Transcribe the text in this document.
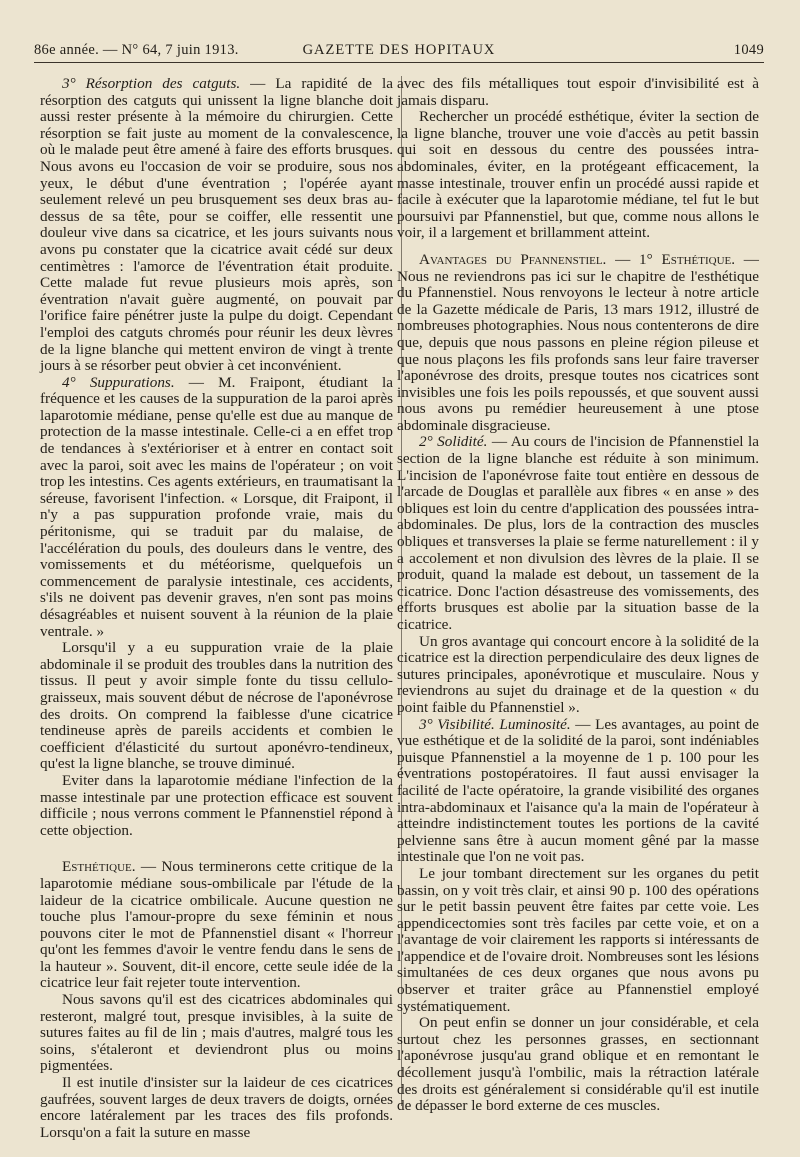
86e année. — N° 64, 7 juin 1913.	GAZETTE DES HOPITAUX	1049

3° Résorption des catguts. — La rapidité de la résorption des catguts qui unissent la ligne blanche doit aussi rester présente à la mémoire du chirurgien. Cette résorption se fait juste au moment de la convalescence, où le malade peut être amené à faire des efforts brusques. Nous avons eu l'occasion de voir se produire, sous nos yeux, le début d'une éventration ; l'opérée ayant seulement relevé un peu brusquement ses deux bras au-dessus de sa tête, pour se coiffer, elle ressentit une douleur vive dans sa cicatrice, et les jours suivants nous avons pu constater que la cicatrice avait cédé sur deux centimètres : l'amorce de l'éventration était produite. Cette malade fut revue plusieurs mois après, son éventration n'avait guère augmenté, on pouvait par l'orifice faire pénétrer juste la pulpe du doigt. Cependant l'emploi des catguts chromés pour réunir les deux lèvres de la ligne blanche qui mettent environ de vingt à trente jours à se résorber peut obvier à cet inconvénient.

4° Suppurations. — M. Fraipont, étudiant la fréquence et les causes de la suppuration de la paroi après laparotomie médiane, pense qu'elle est due au manque de protection de la masse intestinale. Celle-ci a en effet trop de tendances à s'extérioriser et à entrer en contact soit avec la paroi, soit avec les mains de l'opérateur ; on voit trop les intestins. Ces agents extérieurs, en traumatisant la séreuse, favorisent l'infection. « Lorsque, dit Fraipont, il n'y a pas suppuration profonde vraie, mais du péritonisme, qui se traduit par du malaise, de l'accélération du pouls, des douleurs dans le ventre, des vomissements et du météorisme, quelquefois un commencement de paralysie intestinale, ces accidents, s'ils ne doivent pas devenir graves, n'en sont pas moins désagréables et nuisent souvent à la réunion de la plaie ventrale. »

Lorsqu'il y a eu suppuration vraie de la plaie abdominale il se produit des troubles dans la nutrition des tissus. Il peut y avoir simple fonte du tissu cellulo-graisseux, mais souvent début de nécrose de l'aponévrose des droits. On comprend la faiblesse d'une cicatrice tendineuse après de pareils accidents et combien le coefficient d'élasticité du surtout aponévro-tendineux, qu'est la ligne blanche, se trouve diminué.

Eviter dans la laparotomie médiane l'infection de la masse intestinale par une protection efficace est souvent difficile ; nous verrons comment le Pfannenstiel répond à cette objection.

Esthétique. — Nous terminerons cette critique de la laparotomie médiane sous-ombilicale par l'étude de la laideur de la cicatrice ombilicale. Aucune question ne touche plus l'amour-propre du sexe féminin et nous pouvons citer le mot de Pfannenstiel disant « l'horreur qu'ont les femmes d'avoir le ventre fendu dans le sens de la hauteur ». Souvent, dit-il encore, cette seule idée de la cicatrice leur fait rejeter toute intervention.

Nous savons qu'il est des cicatrices abdominales qui resteront, malgré tout, presque invisibles, à la suite de sutures faites au fil de lin ; mais d'autres, malgré tous les soins, s'étaleront et deviendront plus ou moins pigmentées.

Il est inutile d'insister sur la laideur de ces cicatrices gaufrées, souvent larges de deux travers de doigts, ornées encore latéralement par les traces des fils profonds. Lorsqu'on a fait la suture en masse

avec des fils métalliques tout espoir d'invisibilité est à jamais disparu.

Rechercher un procédé esthétique, éviter la section de la ligne blanche, trouver une voie d'accès au petit bassin qui soit en dessous du centre des poussées intra-abdominales, éviter, en la protégeant efficacement, la masse intestinale, trouver enfin un procédé aussi rapide et facile à exécuter que la laparotomie médiane, tel fut le but poursuivi par Pfannenstiel, but que, comme nous allons le voir, il a largement et brillamment atteint.

Avantages du Pfannenstiel. — 1° Esthétique. — Nous ne reviendrons pas ici sur le chapitre de l'esthétique du Pfannenstiel. Nous renvoyons le lecteur à notre article de la Gazette médicale de Paris, 13 mars 1912, illustré de nombreuses photographies. Nous nous contenterons de dire que, depuis que nous passons en pleine région pileuse et que nous plaçons les fils profonds sans leur faire traverser l'aponévrose des droits, presque toutes nos cicatrices sont invisibles une fois les poils repoussés, et que souvent aussi nous avons pu remédier heureusement à une ptose abdominale disgracieuse.

2° Solidité. — Au cours de l'incision de Pfannenstiel la section de la ligne blanche est réduite à son minimum. L'incision de l'aponévrose faite tout entière en dessous de l'arcade de Douglas et parallèle aux fibres « en anse » des obliques est loin du centre d'application des poussées intra-abdominales. De plus, lors de la contraction des muscles obliques et transverses la plaie se ferme naturellement : il y a accolement et non divulsion des lèvres de la plaie. Il se produit, quand la malade est debout, un tassement de la cicatrice. Donc l'action désastreuse des vomissements, des efforts brusques est abolie par la situation basse de la cicatrice.

Un gros avantage qui concourt encore à la solidité de la cicatrice est la direction perpendiculaire des deux lignes de sutures principales, aponévrotique et musculaire. Nous y reviendrons au sujet du drainage et de la question « du point faible du Pfannenstiel ».

3° Visibilité. Luminosité. — Les avantages, au point de vue esthétique et de la solidité de la paroi, sont indéniables puisque Pfannenstiel a la moyenne de 1 p. 100 pour les éventrations postopératoires. Il faut aussi envisager la facilité de l'acte opératoire, la grande visibilité des organes intra-abdominaux et l'aisance qu'a la main de l'opérateur à atteindre indistinctement toutes les portions de la cavité pelvienne sans être à aucun moment gêné par la masse intestinale que l'on ne voit pas.

Le jour tombant directement sur les organes du petit bassin, on y voit très clair, et ainsi 90 p. 100 des opérations sur le petit bassin peuvent être faites par cette voie. Les appendicectomies sont très faciles par cette voie, et on a l'avantage de voir clairement les rapports si intéressants de l'appendice et de l'ovaire droit. Nombreuses sont les lésions simultanées de ces deux organes que nous avons pu observer et traiter grâce au Pfannenstiel employé systématiquement.

On peut enfin se donner un jour considérable, et cela surtout chez les personnes grasses, en sectionnant l'aponévrose jusqu'au grand oblique et en remontant le décollement jusqu'à l'ombilic, mais la rétraction latérale des droits est généralement si considérable qu'il est inutile de dépasser le bord externe de ces muscles.
